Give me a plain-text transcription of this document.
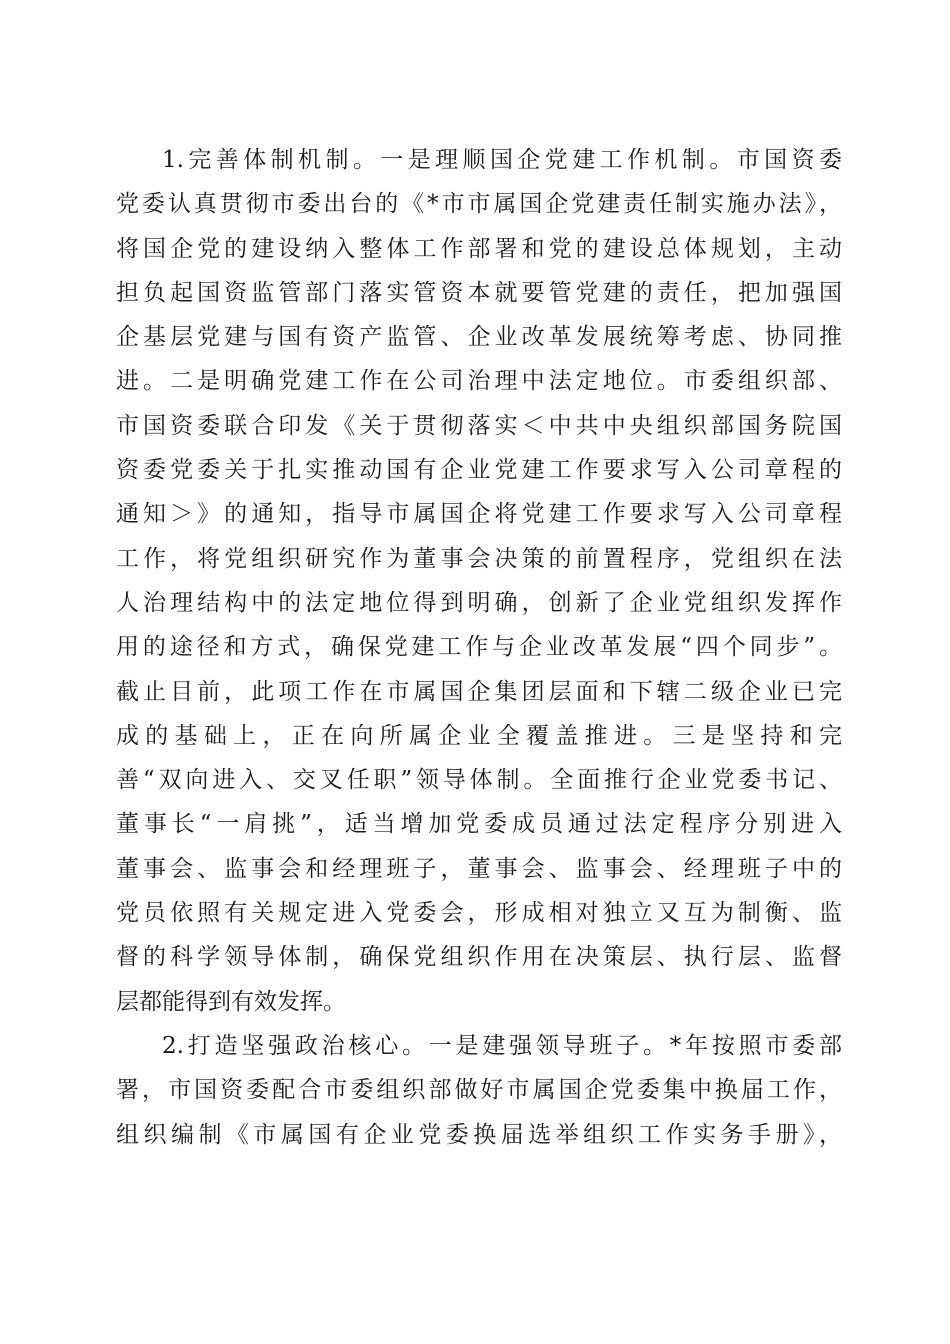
1.完善体制机制。一是理顺国企党建工作机制。市国资委
党委认真贯彻市委出台的《*市市属国企党建责任制实施办法》，
将国企党的建设纳入整体工作部署和党的建设总体规划，主动
担负起国资监管部门落实管资本就要管党建的责任，把加强国
企基层党建与国有资产监管、企业改革发展统筹考虑、协同推
进。二是明确党建工作在公司治理中法定地位。市委组织部、
市国资委联合印发《关于贯彻落实＜中共中央组织部国务院国
资委党委关于扎实推动国有企业党建工作要求写入公司章程的
通知＞》的通知，指导市属国企将党建工作要求写入公司章程
工作，将党组织研究作为董事会决策的前置程序，党组织在法
人治理结构中的法定地位得到明确，创新了企业党组织发挥作
用的途径和方式，确保党建工作与企业改革发展“四个同步”。
截止目前，此项工作在市属国企集团层面和下辖二级企业已完
成的基础上，正在向所属企业全覆盖推进。三是坚持和完
善“双向进入、交叉任职”领导体制。全面推行企业党委书记、
董事长“一肩挑”，适当增加党委成员通过法定程序分别进入
董事会、监事会和经理班子，董事会、监事会、经理班子中的
党员依照有关规定进入党委会，形成相对独立又互为制衡、监
督的科学领导体制，确保党组织作用在决策层、执行层、监督
层都能得到有效发挥。
2.打造坚强政治核心。一是建强领导班子。*年按照市委部
署，市国资委配合市委组织部做好市属国企党委集中换届工作，
组织编制《市属国有企业党委换届选举组织工作实务手册》，
